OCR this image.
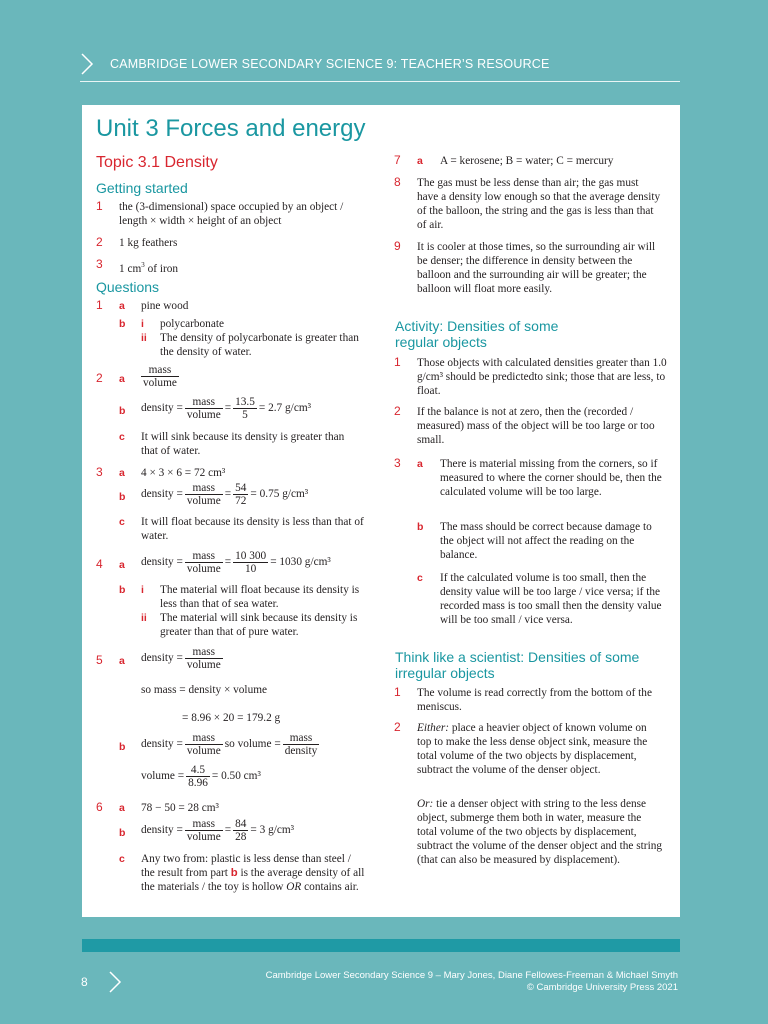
CAMBRIDGE LOWER SECONDARY SCIENCE 9: TEACHER’S RESOURCE
Unit 3 Forces and energy
Topic 3.1 Density
Getting started
1 the (3-dimensional) space occupied by an object / length × width × height of an object
2 1 kg feathers
3 1 $cm^3$ of iron
Questions
1 a pine wood
b i polycarbonate
ii The density of polycarbonate is greater than the density of water.
2 a $\frac{\text{mass}}{\text{volume}}$
b density = $\frac{\text{mass}}{\text{volume}} = \frac{13.5}{5} = 2.7$ g/cm³
c It will sink because its density is greater than that of water.
3 a 4 × 3 × 6 = 72 cm³
b density = $\frac{\text{mass}}{\text{volume}} = \frac{54}{72} = 0.75$ g/cm³
c It will float because its density is less than that of water.
4 a density = $\frac{\text{mass}}{\text{volume}} = \frac{10 300}{10} = 1030$ g/cm³
b i The material will float because its density is less than that of sea water.
ii The material will sink because its density is greater than that of pure water.
5 a density = $\frac{\text{mass}}{\text{volume}}$
so mass = density × volume
= 8.96 × 20 = 179.2 g
b density = $\frac{\text{mass}}{\text{volume}}$ so volume = $\frac{\text{mass}}{\text{density}}$
volume = $\frac{4.5}{8.96} = 0.50$ cm³
6 a 78 − 50 = 28 cm³
b density = $\frac{\text{mass}}{\text{volume}} = \frac{84}{28} = 3$ g/cm³
c Any two from: plastic is less dense than steel / the result from part b is the average density of all the materials / the toy is hollow OR contains air.
7 a A = kerosene; B = water; C = mercury
8 The gas must be less dense than air; the gas must have a density low enough so that the average density of the balloon, the string and the gas is less than that of air.
9 It is cooler at those times, so the surrounding air will be denser; the difference in density between the balloon and the surrounding air will be greater; the balloon will float more easily.
Activity: Densities of some regular objects
1 Those objects with calculated densities greater than 1.0 g/cm³ should be predictedto sink; those that are less, to float.
2 If the balance is not at zero, then the (recorded / measured) mass of the object will be too large or too small.
3 a There is material missing from the corners, so if measured to where the corner should be, then the calculated volume will be too large.
b The mass should be correct because damage to the object will not affect the reading on the balance.
c If the calculated volume is too small, then the density value will be too large / vice versa; if the recorded mass is too small then the density value will be too small / vice versa.
Think like a scientist: Densities of some irregular objects
1 The volume is read correctly from the bottom of the meniscus.
2 Either: place a heavier object of known volume on top to make the less dense object sink, measure the total volume of the two objects by displacement, subtract the volume of the denser object.
Or: tie a denser object with string to the less dense object, submerge them both in water, measure the total volume of the two objects by displacement, subtract the volume of the denser object and the string (that can also be measured by displacement).
8	Cambridge Lower Secondary Science 9 – Mary Jones, Diane Fellowes-Freeman & Michael Smyth
© Cambridge University Press 2021
